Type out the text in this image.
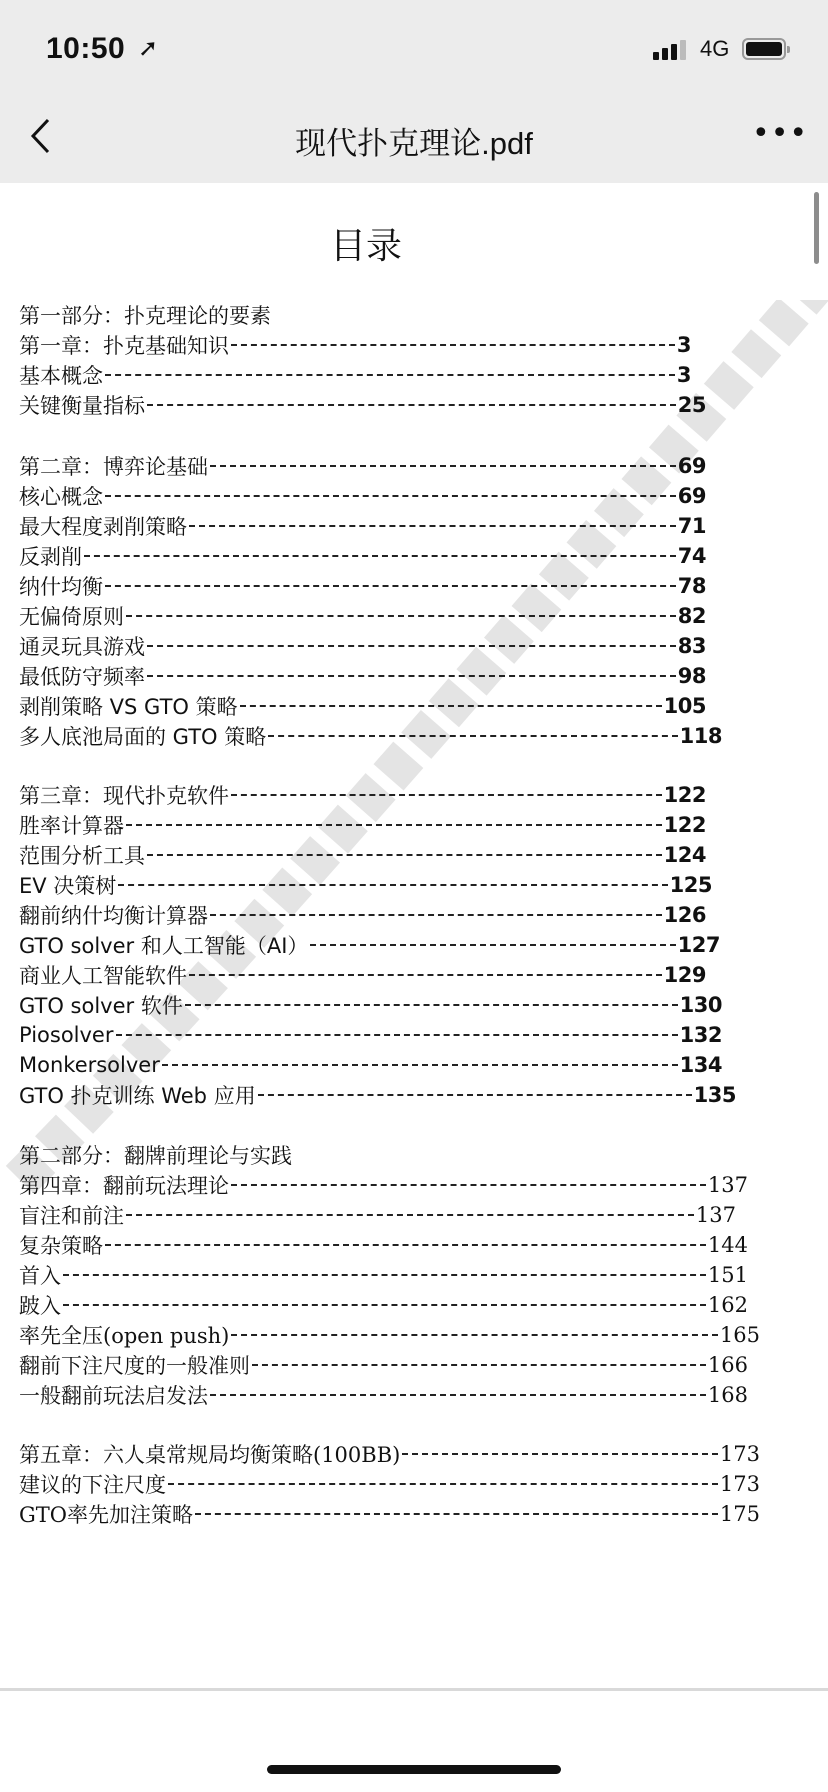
10:50 ➚	4G
现代扑克理论.pdf	•••
目录
第一部分：扑克理论的要素
第一章：扑克基础知识	3
基本概念	3
关键衡量指标	25
第二章：博弈论基础	69
核心概念	69
最大程度剥削策略	71
反剥削	74
纳什均衡	78
无偏倚原则	82
通灵玩具游戏	83
最低防守频率	98
剥削策略 VS GTO 策略	105
多人底池局面的 GTO 策略	118
第三章：现代扑克软件	122
胜率计算器	122
范围分析工具	124
EV 决策树	125
翻前纳什均衡计算器	126
GTO solver 和人工智能（AI）	127
商业人工智能软件	129
GTO solver 软件	130
Piosolver	132
Monkersolver	134
GTO 扑克训练 Web 应用	135
第二部分：翻牌前理论与实践
第四章：翻前玩法理论	137
盲注和前注	137
复杂策略	144
首入	151
跛入	162
率先全压(open push)	165
翻前下注尺度的一般准则	166
一般翻前玩法启发法	168
第五章：六人桌常规局均衡策略(100BB)	173
建议的下注尺度	173
GTO率先加注策略	175
